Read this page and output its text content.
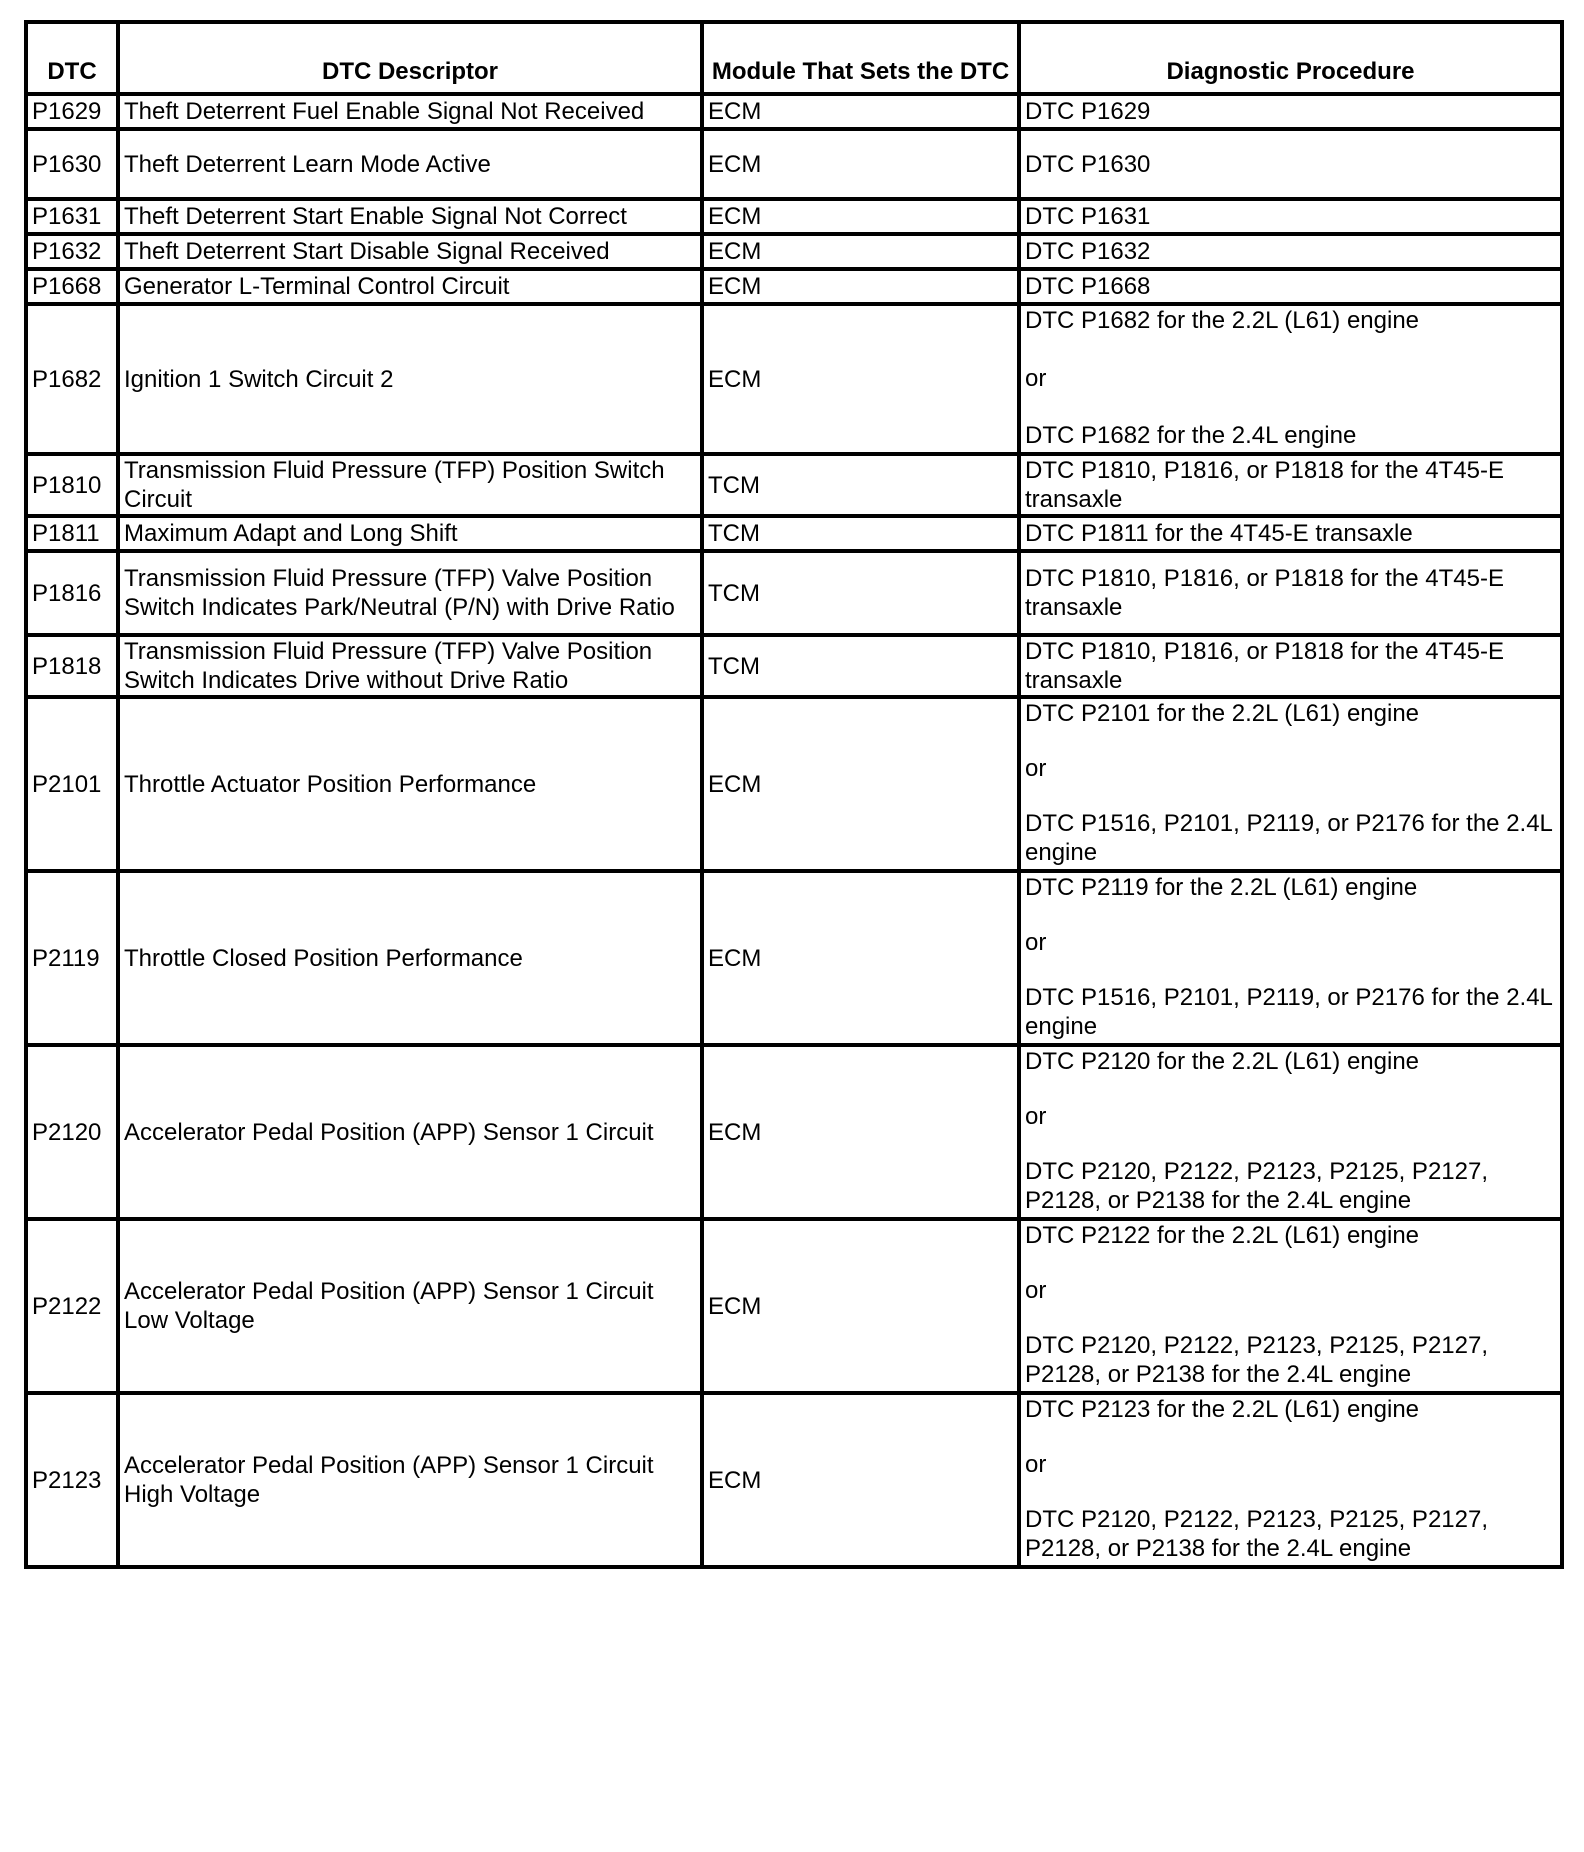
DTC	DTC Descriptor	Module That Sets the DTC	Diagnostic Procedure
P1629	Theft Deterrent Fuel Enable Signal Not Received	ECM	DTC P1629

P1630	Theft Deterrent Learn Mode Active	ECM	DTC P1630

P1631	Theft Deterrent Start Enable Signal Not Correct	ECM	DTC P1631

P1632	Theft Deterrent Start Disable Signal Received	ECM	DTC P1632

P1668	Generator L-Terminal Control Circuit	ECM	DTC P1668

P1682	Ignition 1 Switch Circuit 2	ECM	DTC P1682 for the 2.2L (L61) engine
or
DTC P1682 for the 2.4L engine

P1810	Transmission Fluid Pressure (TFP) Position Switch Circuit	TCM	DTC P1810, P1816, or P1818 for the 4T45-E transaxle

P1811	Maximum Adapt and Long Shift	TCM	DTC P1811 for the 4T45-E transaxle

P1816	Transmission Fluid Pressure (TFP) Valve Position Switch Indicates Park/Neutral (P/N) with Drive Ratio	TCM	DTC P1810, P1816, or P1818 for the 4T45-E transaxle

P1818	Transmission Fluid Pressure (TFP) Valve Position Switch Indicates Drive without Drive Ratio	TCM	DTC P1810, P1816, or P1818 for the 4T45-E transaxle

P2101	Throttle Actuator Position Performance	ECM	DTC P2101 for the 2.2L (L61) engine
or
DTC P1516, P2101, P2119, or P2176 for the 2.4L engine

P2119	Throttle Closed Position Performance	ECM	DTC P2119 for the 2.2L (L61) engine
or
DTC P1516, P2101, P2119, or P2176 for the 2.4L engine

P2120	Accelerator Pedal Position (APP) Sensor 1 Circuit	ECM	DTC P2120 for the 2.2L (L61) engine
or
DTC P2120, P2122, P2123, P2125, P2127, P2128, or P2138 for the 2.4L engine

P2122	Accelerator Pedal Position (APP) Sensor 1 Circuit Low Voltage	ECM	DTC P2122 for the 2.2L (L61) engine
or
DTC P2120, P2122, P2123, P2125, P2127, P2128, or P2138 for the 2.4L engine

P2123	Accelerator Pedal Position (APP) Sensor 1 Circuit High Voltage	ECM	DTC P2123 for the 2.2L (L61) engine
or
DTC P2120, P2122, P2123, P2125, P2127, P2128, or P2138 for the 2.4L engine
